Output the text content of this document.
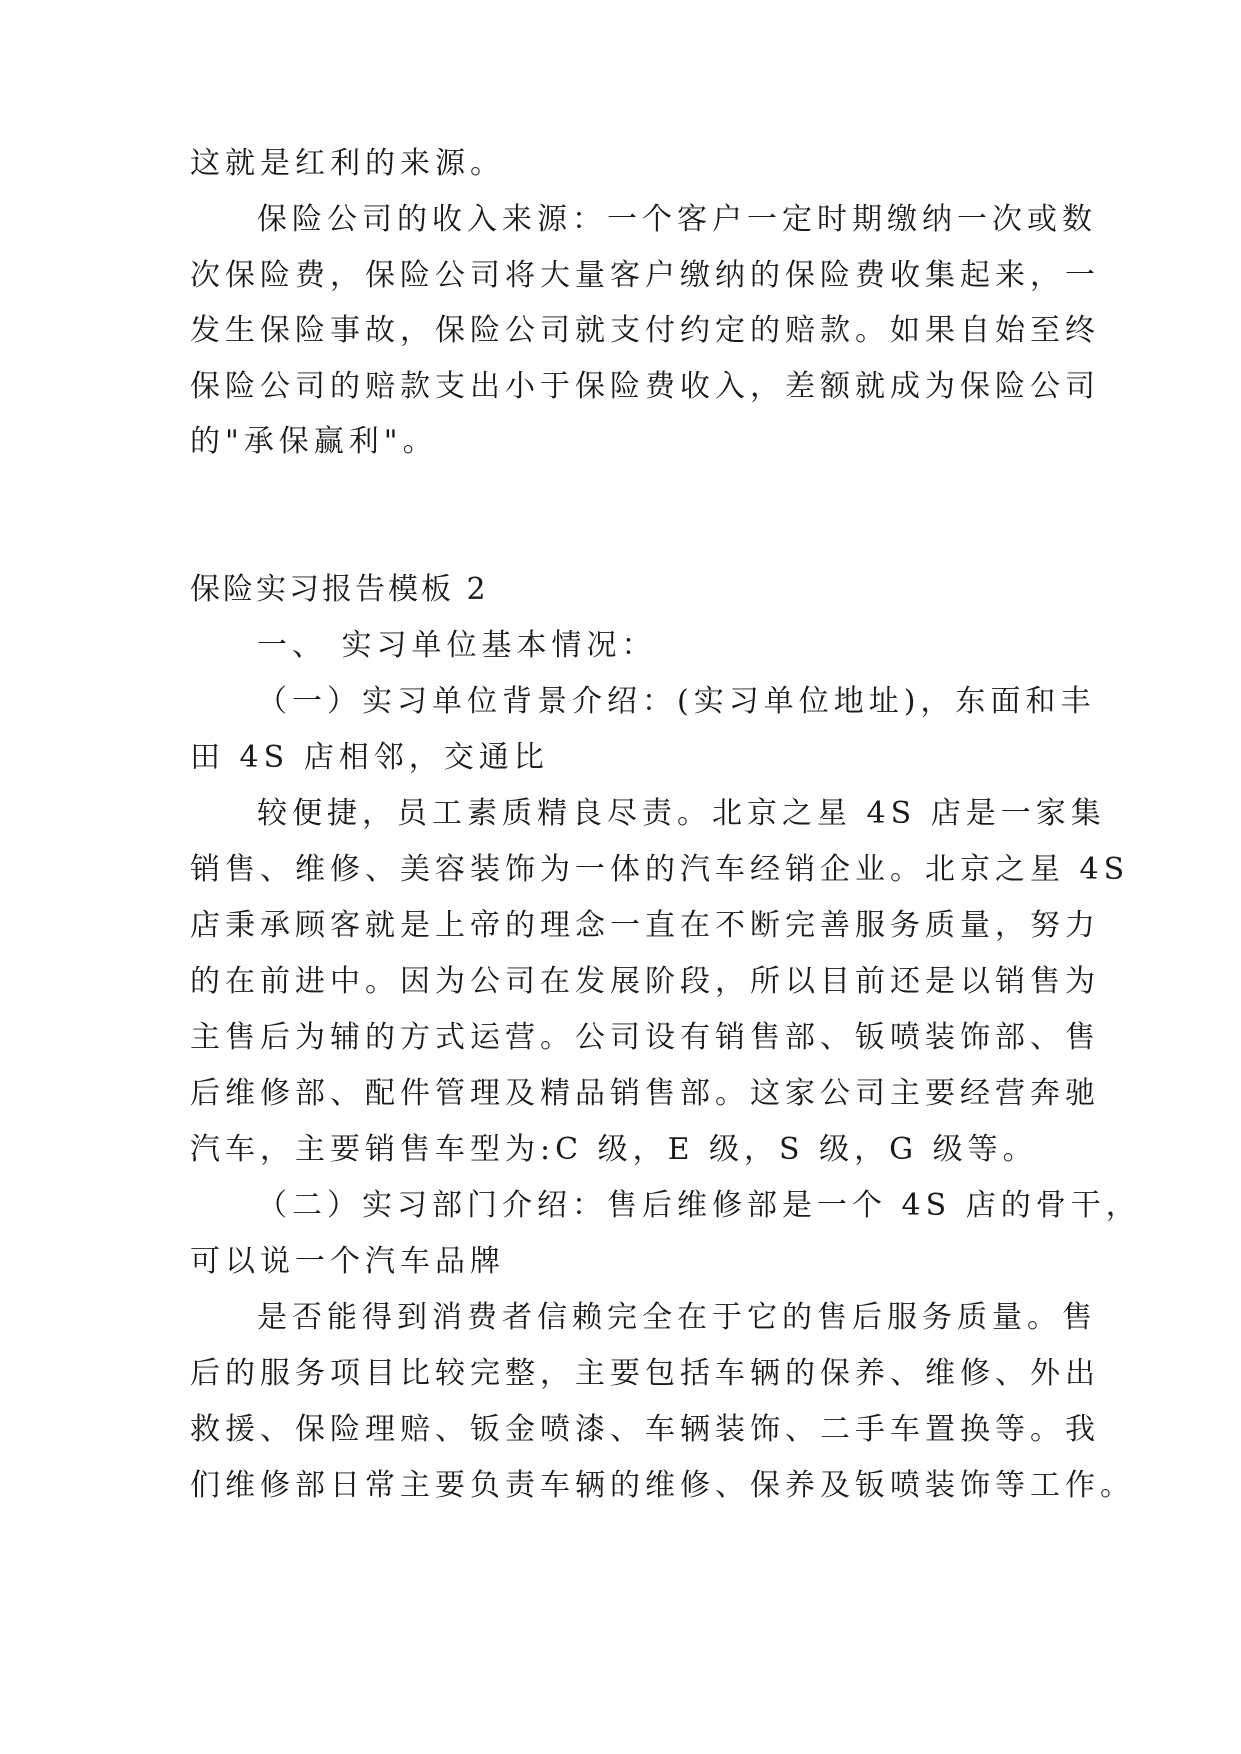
这就是红利的来源。
保险公司的收入来源：一个客户一定时期缴纳一次或数
次保险费，保险公司将大量客户缴纳的保险费收集起来，一
发生保险事故，保险公司就支付约定的赔款。如果自始至终
保险公司的赔款支出小于保险费收入，差额就成为保险公司
的"承保赢利"。
保险实习报告模板 2
一、 实习单位基本情况：
（一）实习单位背景介绍：(实习单位地址)，东面和丰
田 4S 店相邻，交通比
较便捷，员工素质精良尽责。北京之星 4S 店是一家集
销售、维修、美容装饰为一体的汽车经销企业。北京之星 4S
店秉承顾客就是上帝的理念一直在不断完善服务质量，努力
的在前进中。因为公司在发展阶段，所以目前还是以销售为
主售后为辅的方式运营。公司设有销售部、钣喷装饰部、售
后维修部、配件管理及精品销售部。这家公司主要经营奔驰
汽车，主要销售车型为:C 级，E 级，S 级，G 级等。
（二）实习部门介绍：售后维修部是一个 4S 店的骨干，
可以说一个汽车品牌
是否能得到消费者信赖完全在于它的售后服务质量。售
后的服务项目比较完整，主要包括车辆的保养、维修、外出
救援、保险理赔、钣金喷漆、车辆装饰、二手车置换等。我
们维修部日常主要负责车辆的维修、保养及钣喷装饰等工作。
